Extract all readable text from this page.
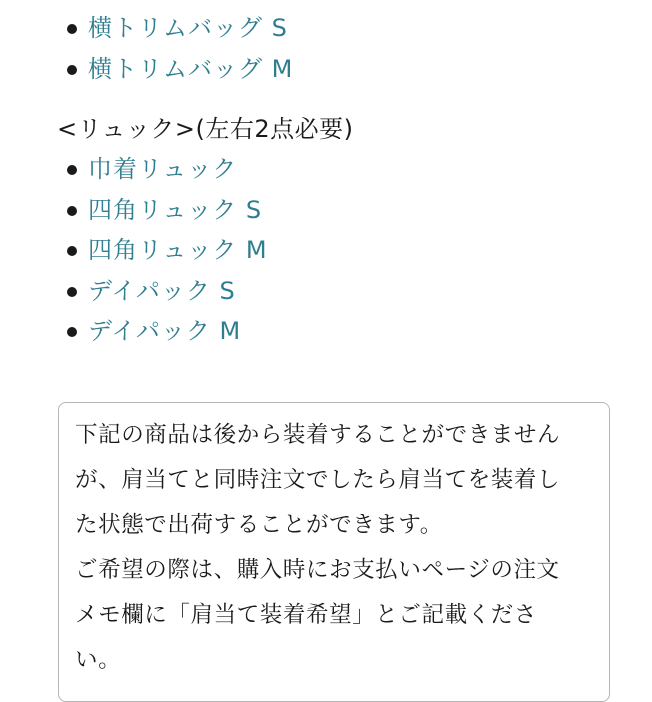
横トリムバッグ S
横トリムバッグ M
<リュック>(左右2点必要)
巾着リュック
四角リュック S
四角リュック M
デイパック S
デイパック M

下記の商品は後から装着することができません
が、肩当てと同時注文でしたら肩当てを装着し
た状態で出荷することができます。
ご希望の際は、購入時にお支払いページの注文
メモ欄に「肩当て装着希望」とご記載くださ
い。
